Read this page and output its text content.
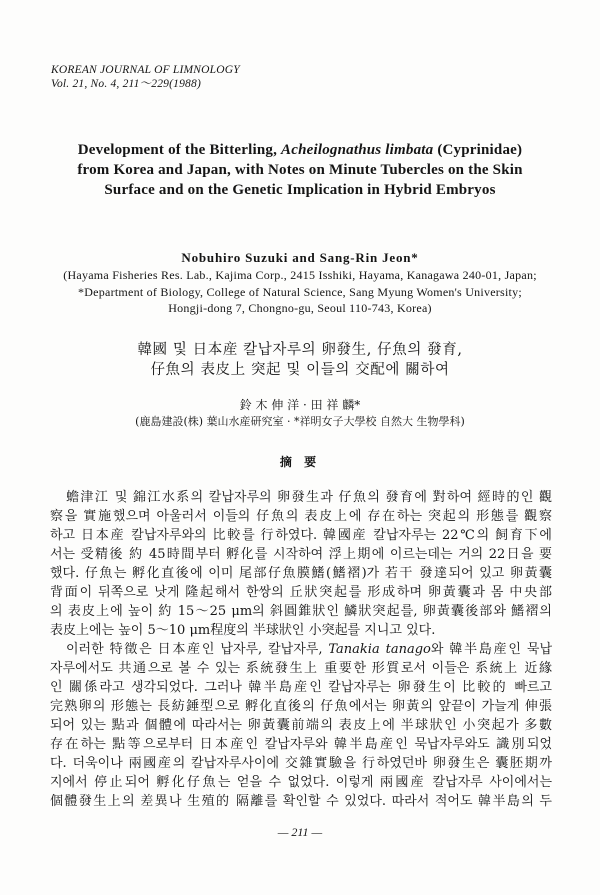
KOREAN JOURNAL OF LIMNOLOGY
Vol. 21, No. 4, 211～229(1988)
Development of the Bitterling, Acheilognathus limbata (Cyprinidae)
from Korea and Japan, with Notes on Minute Tubercles on the Skin
Surface and on the Genetic Implication in Hybrid Embryos
Nobuhiro Suzuki and Sang-Rin Jeon*
(Hayama Fisheries Res. Lab., Kajima Corp., 2415 Isshiki, Hayama, Kanagawa 240-01, Japan;
*Department of Biology, College of Natural Science, Sang Myung Women's University;
Hongji-dong 7, Chongno-gu, Seoul 110-743, Korea)
韓國 및 日本産 칼납자루의 卵發生, 仔魚의 發育,
仔魚의 表皮上 突起 및 이들의 交配에 關하여
鈴 木 伸 洋 · 田 祥 麟*
(鹿島建設(株) 葉山水産研究室 · *祥明女子大學校 自然大 生物學科)
摘 要
蟾津江 및 錦江水系의 칼납자루의 卵發生과 仔魚의 發育에 對하여 經時的인 觀
察을 實施했으며 아울러서 이들의 仔魚의 表皮上에 存在하는 突起의 形態를 觀察
하고 日本産 칼납자루와의 比較를 行하였다. 韓國産 칼납자루는 22℃의 飼育下에
서는 受精後 約 45時間부터 孵化를 시작하여 浮上期에 이르는데는 거의 22日을 要
했다. 仔魚는 孵化直後에 이미 尾部仔魚膜鰭(鰭褶)가 若干 發達되어 있고 卵黃囊
背面이 뒤쪽으로 낫게 隆起해서 한쌍의 丘狀突起를 形成하며 卵黃囊과 몸 中央部
의 表皮上에 높이 約 15～25 μm의 斜圓錐狀인 鱗狀突起를, 卵黃囊後部와 鰭褶의
表皮上에는 높이 5～10 μm程度의 半球狀인 小突起를 지니고 있다.
이러한 特徵은 日本産인 납자루, 칼납자루, Tanakia tanago와 韓半島産인 묵납
자루에서도 共通으로 볼 수 있는 系統發生上 重要한 形質로서 이들은 系統上 近緣
인 關係라고 생각되었다. 그러나 韓半島産인 칼납자루는 卵發生이 比較的 빠르고
完熟卵의 形態는 長紡錘型으로 孵化直後의 仔魚에서는 卵黃의 앞끝이 가늘게 伸張
되어 있는 點과 個體에 따라서는 卵黃囊前端의 表皮上에 半球狀인 小突起가 多數
存在하는 點等으로부터 日本産인 칼납자루와 韓半島産인 묵납자루와도 識別되었
다. 더욱이나 兩國産의 칼납자루사이에 交雜實驗을 行하였던바 卵發生은 囊胚期까
지에서 停止되어 孵化仔魚는 얻을 수 없었다. 이렇게 兩國産 칼납자루 사이에서는
個體發生上의 差異나 生殖的 隔離를 확인할 수 있었다. 따라서 적어도 韓半島의 두
— 211 —
